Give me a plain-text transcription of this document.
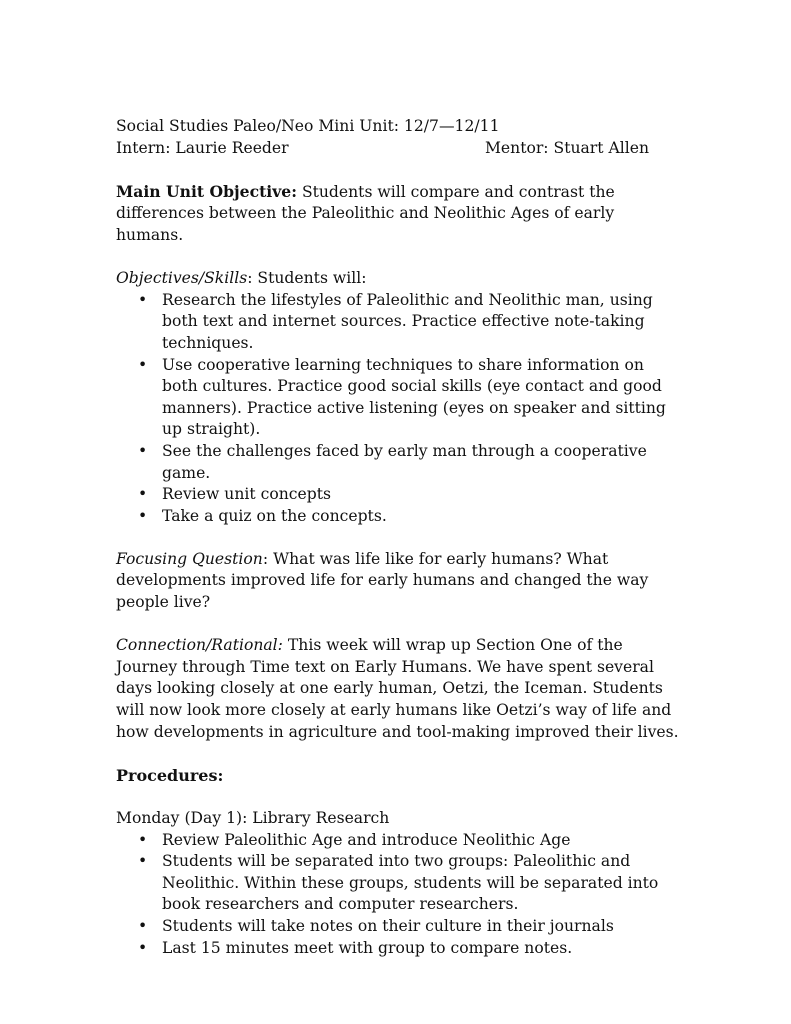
Social Studies Paleo/Neo Mini Unit: 12/7—12/11
Intern: Laurie Reeder	Mentor: Stuart Allen

Main Unit Objective: Students will compare and contrast the differences between the Paleolithic and Neolithic Ages of early humans.

Objectives/Skills: Students will:

• Research the lifestyles of Paleolithic and Neolithic man, using both text and internet sources. Practice effective note-taking techniques.
• Use cooperative learning techniques to share information on both cultures. Practice good social skills (eye contact and good manners). Practice active listening (eyes on speaker and sitting up straight).
• See the challenges faced by early man through a cooperative game.
• Review unit concepts
• Take a quiz on the concepts.

Focusing Question: What was life like for early humans? What developments improved life for early humans and changed the way people live?

Connection/Rational: This week will wrap up Section One of the Journey through Time text on Early Humans. We have spent several days looking closely at one early human, Oetzi, the Iceman. Students will now look more closely at early humans like Oetzi’s way of life and how developments in agriculture and tool-making improved their lives.

Procedures:

Monday (Day 1): Library Research

• Review Paleolithic Age and introduce Neolithic Age
• Students will be separated into two groups: Paleolithic and Neolithic. Within these groups, students will be separated into book researchers and computer researchers.
• Students will take notes on their culture in their journals
• Last 15 minutes meet with group to compare notes.
